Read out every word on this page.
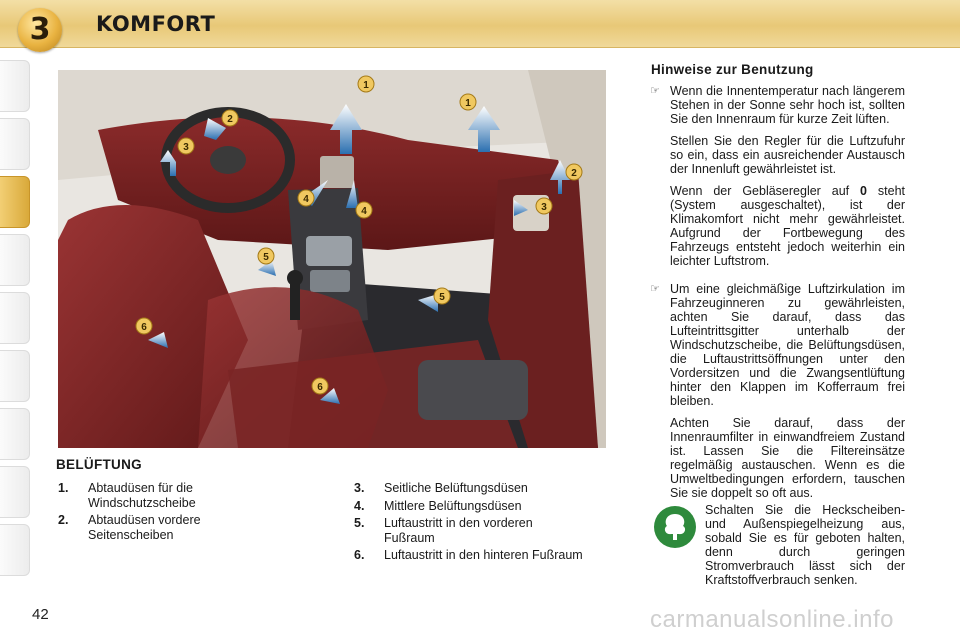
3	KOMFORT
1
1
2
2
3
3
4
4
5
5
6
6
BELÜFTUNG
1. Abtaudüsen für die Windschutzscheibe
2. Abtaudüsen vordere Seitenscheiben
3. Seitliche Belüftungsdüsen
4. Mittlere Belüftungsdüsen
5. Luftaustritt in den vorderen Fußraum
6. Luftaustritt in den hinteren Fußraum
Hinweise zur Benutzung
☞ Wenn die Innentemperatur nach längerem Stehen in der Sonne sehr hoch ist, sollten Sie den Innenraum für kurze Zeit lüften.

Stellen Sie den Regler für die Luftzufuhr so ein, dass ein ausreichender Austausch der Innenluft gewährleistet ist.

Wenn der Gebläseregler auf 0 steht (System ausgeschaltet), ist der Klimakomfort nicht mehr gewährleistet. Aufgrund der Fortbewegung des Fahrzeugs entsteht jedoch weiterhin ein leichter Luftstrom.

☞ Um eine gleichmäßige Luftzirkulation im Fahrzeuginneren zu gewährleisten, achten Sie darauf, dass das Lufteintrittsgitter unterhalb der Windschutzscheibe, die Belüftungsdüsen, die Luftaustrittsöffnungen unter den Vordersitzen und die Zwangsentlüftung hinter den Klappen im Kofferraum frei bleiben.

Achten Sie darauf, dass der Innenraumfilter in einwandfreiem Zustand ist. Lassen Sie die Filtereinsätze regelmäßig austauschen. Wenn es die Umweltbedingungen erfordern, tauschen Sie sie doppelt so oft aus.

Schalten Sie die Heckscheiben- und Außenspiegelheizung aus, sobald Sie es für geboten halten, denn durch geringen Stromverbrauch lässt sich der Kraftstoffverbrauch senken.
42	carmanualsonline.info
